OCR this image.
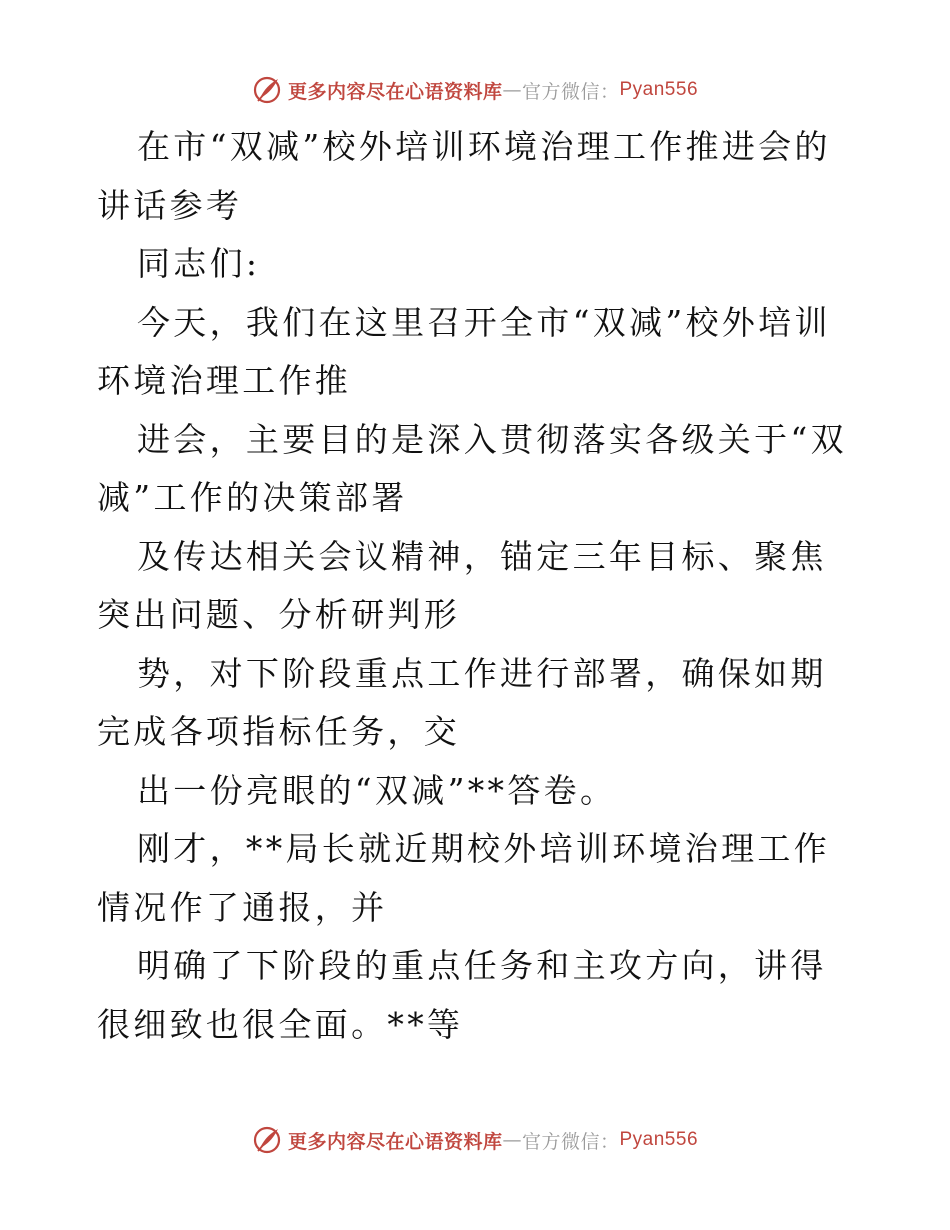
更多内容尽在心语资料库 — 官方微信： Pyan556

在市“双减”校外培训环境治理工作推进会的讲话参考

同志们:

今天，我们在这里召开全市“双减”校外培训环境治理工作推

进会，主要目的是深入贯彻落实各级关于“双减”工作的决策部署

及传达相关会议精神，锚定三年目标、聚焦突出问题、分析研判形

势，对下阶段重点工作进行部署，确保如期完成各项指标任务，交

出一份亮眼的“双减”**答卷。

刚才，**局长就近期校外培训环境治理工作情况作了通报，并

明确了下阶段的重点任务和主攻方向，讲得很细致也很全面。**等

更多内容尽在心语资料库 — 官方微信： Pyan556
